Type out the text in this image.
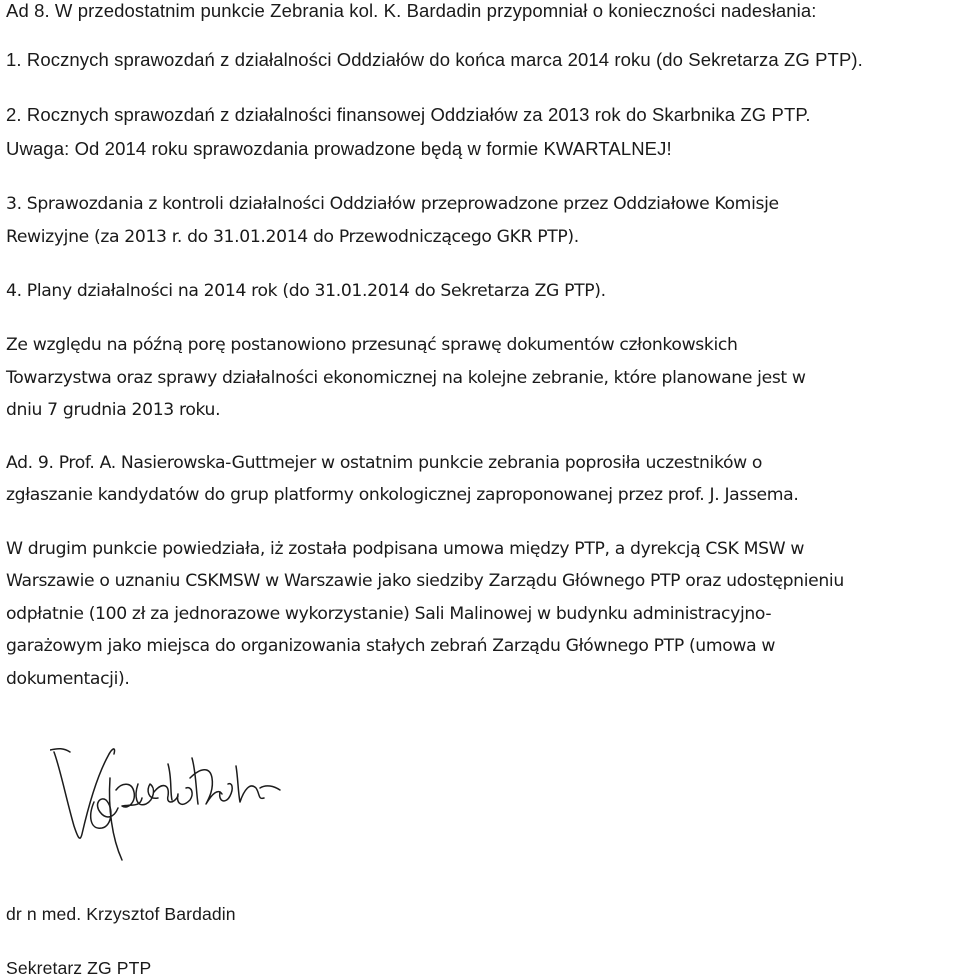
Ad 8. W przedostatnim punkcie Zebrania kol. K. Bardadin przypomniał o konieczności nadesłania:
1. Rocznych sprawozdań z działalności Oddziałów do końca marca 2014 roku (do Sekretarza ZG PTP).
2. Rocznych sprawozdań z działalności finansowej Oddziałów za 2013 rok do Skarbnika ZG PTP.
Uwaga: Od 2014 roku sprawozdania prowadzone będą w formie KWARTALNEJ!
3. Sprawozdania z kontroli działalności Oddziałów przeprowadzone przez Oddziałowe Komisje
Rewizyjne (za 2013 r. do 31.01.2014 do Przewodniczącego GKR PTP).
4. Plany działalności na 2014 rok (do 31.01.2014 do Sekretarza ZG PTP).
Ze względu na późną porę postanowiono przesunąć sprawę dokumentów członkowskich
Towarzystwa oraz sprawy działalności ekonomicznej na kolejne zebranie, które planowane jest w
dniu 7 grudnia 2013 roku.
Ad. 9. Prof. A. Nasierowska-Guttmejer w ostatnim punkcie zebrania poprosiła uczestników o
zgłaszanie kandydatów do grup platformy onkologicznej zaproponowanej przez prof. J. Jassema.
W drugim punkcie powiedziała, iż została podpisana umowa między PTP, a dyrekcją CSK MSW w
Warszawie o uznaniu CSKMSW w Warszawie jako siedziby Zarządu Głównego PTP oraz udostępnieniu
odpłatnie (100 zł za jednorazowe wykorzystanie) Sali Malinowej w budynku administracyjno-
garażowym jako miejsca do organizowania stałych zebrań Zarządu Głównego PTP (umowa w
dokumentacji).
dr n med. Krzysztof Bardadin
Sekretarz ZG PTP
